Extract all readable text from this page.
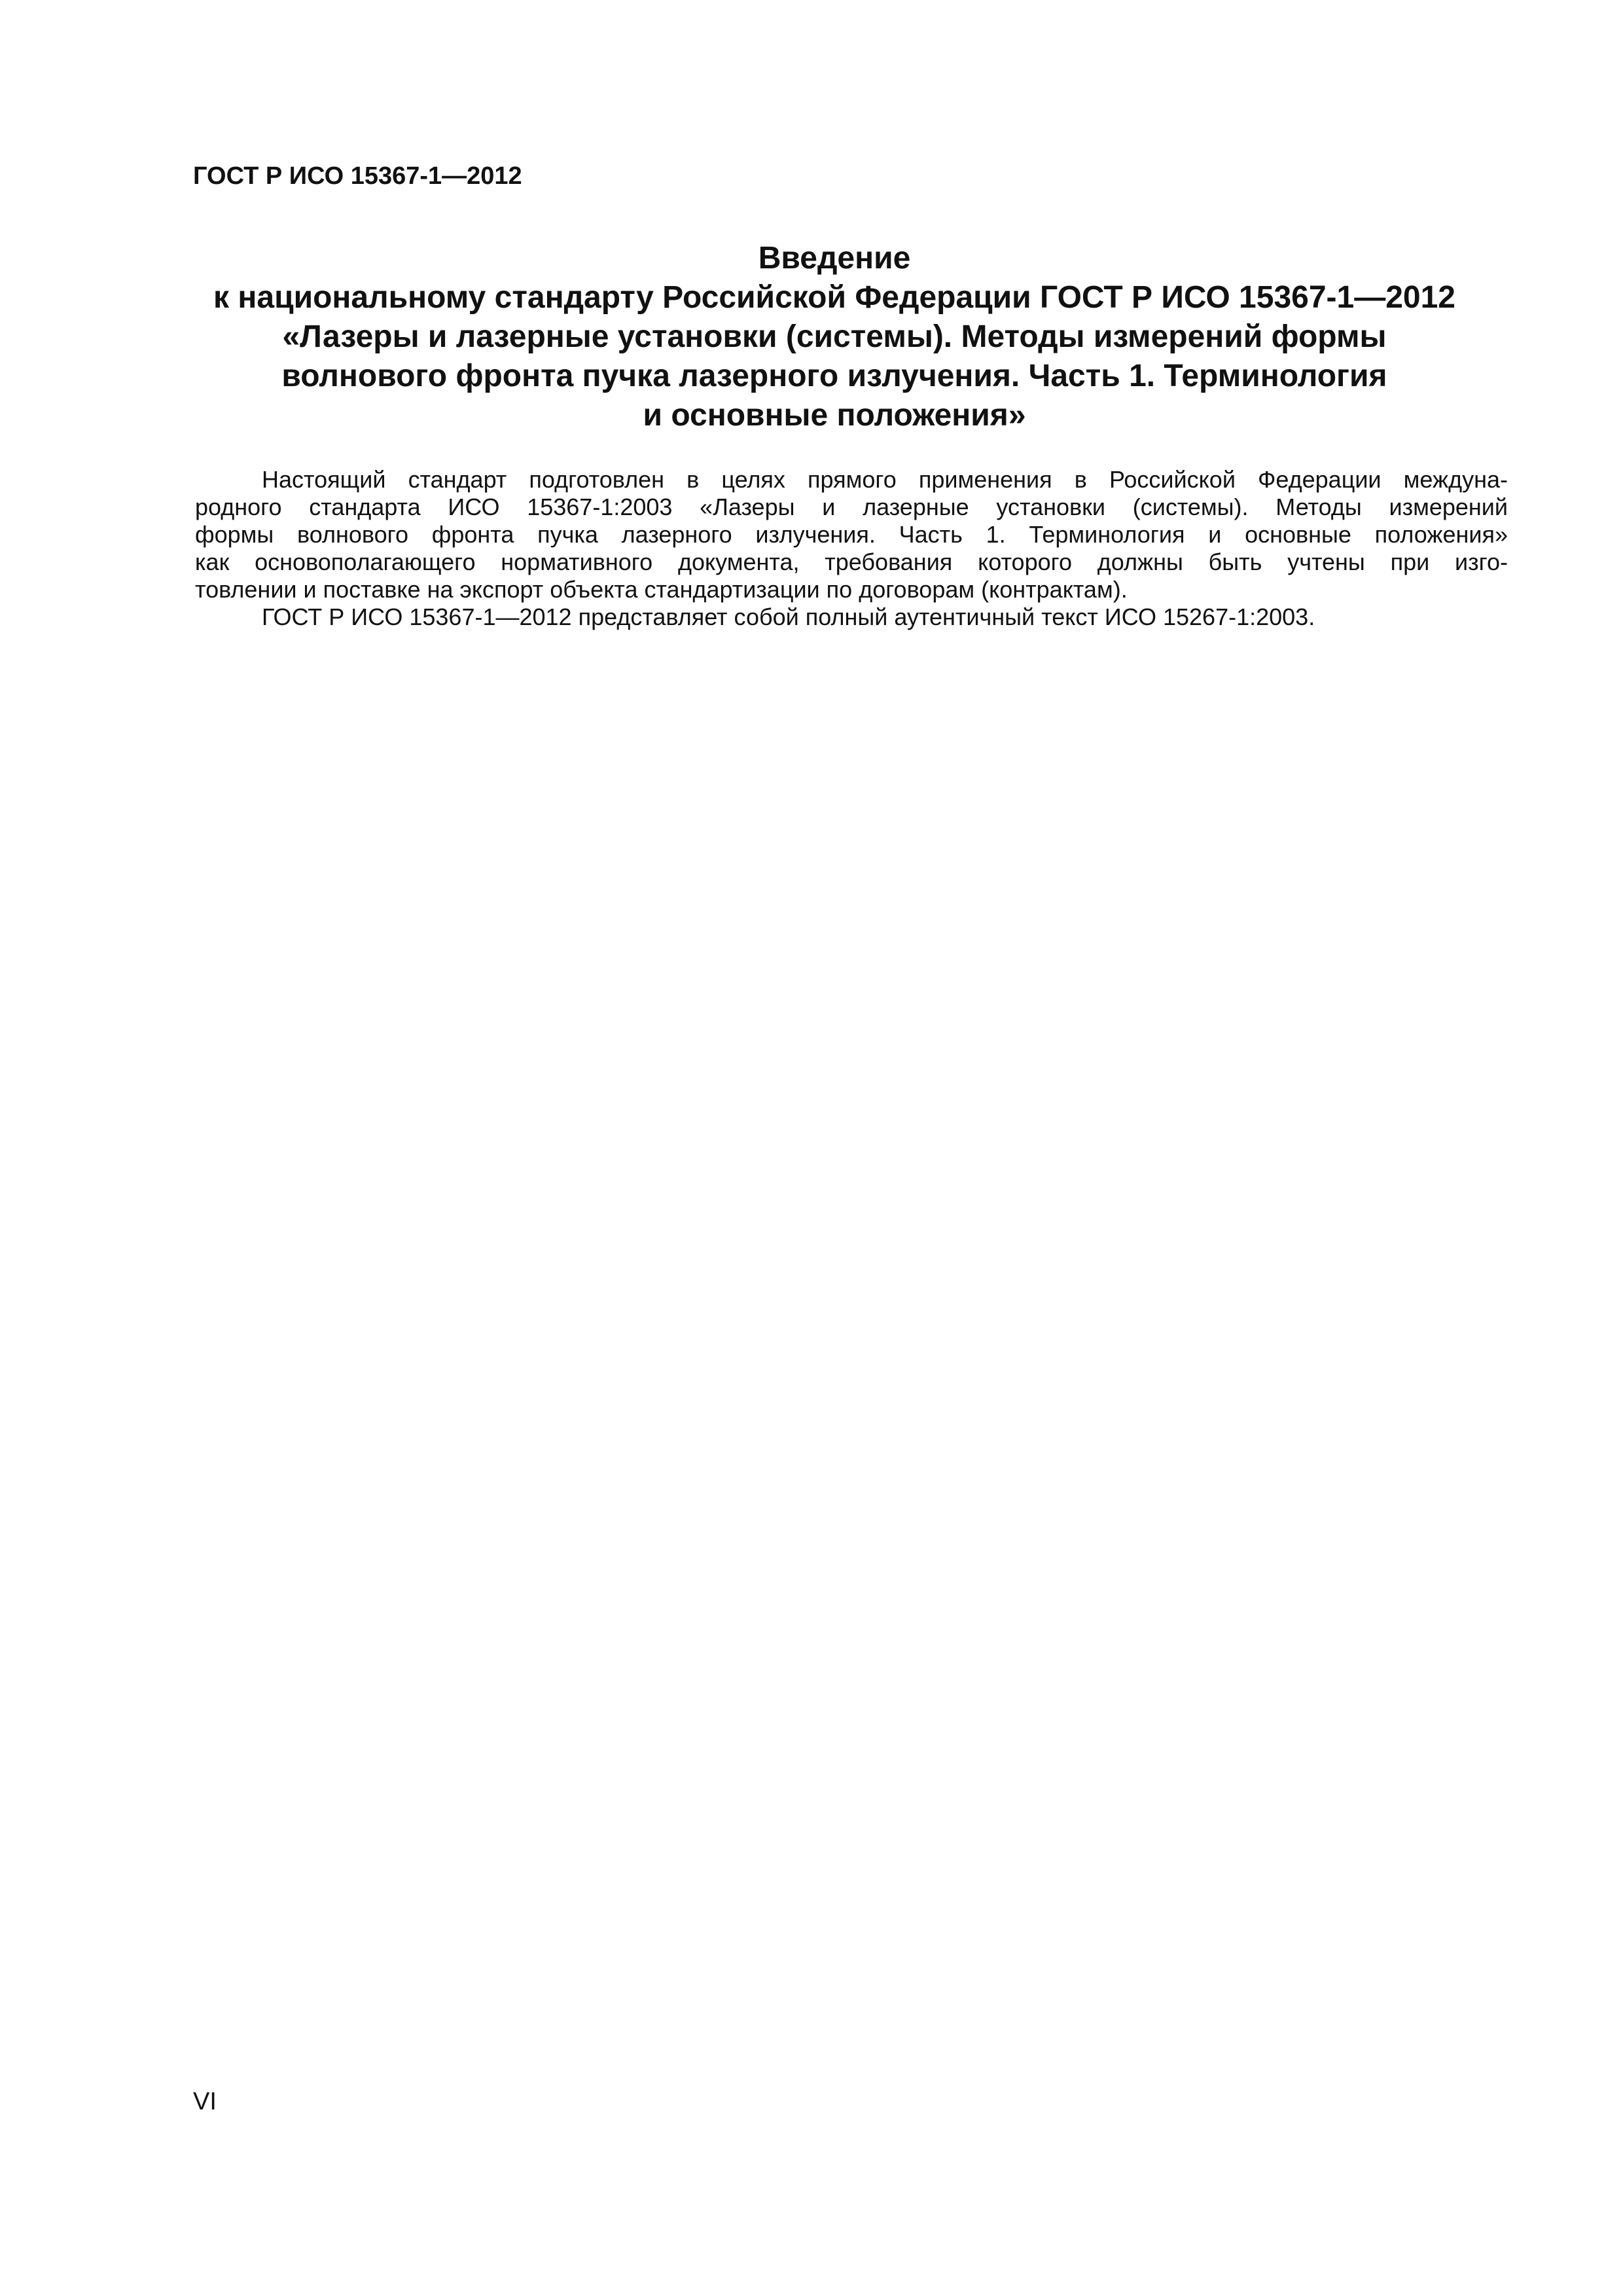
ГОСТ Р ИСО 15367-1—2012
Введение
к национальному стандарту Российской Федерации ГОСТ Р ИСО 15367-1—2012
«Лазеры и лазерные установки (системы). Методы измерений формы
волнового фронта пучка лазерного излучения. Часть 1. Терминология
и основные положения»
Настоящий стандарт подготовлен в целях прямого применения в Российской Федерации междуна-
родного стандарта ИСО 15367-1:2003 «Лазеры и лазерные установки (системы). Методы измерений
формы волнового фронта пучка лазерного излучения. Часть 1. Терминология и основные положения»
как основополагающего нормативного документа, требования которого должны быть учтены при изго-
товлении и поставке на экспорт объекта стандартизации по договорам (контрактам).
ГОСТ Р ИСО 15367-1—2012 представляет собой полный аутентичный текст ИСО 15267-1:2003.
VI
